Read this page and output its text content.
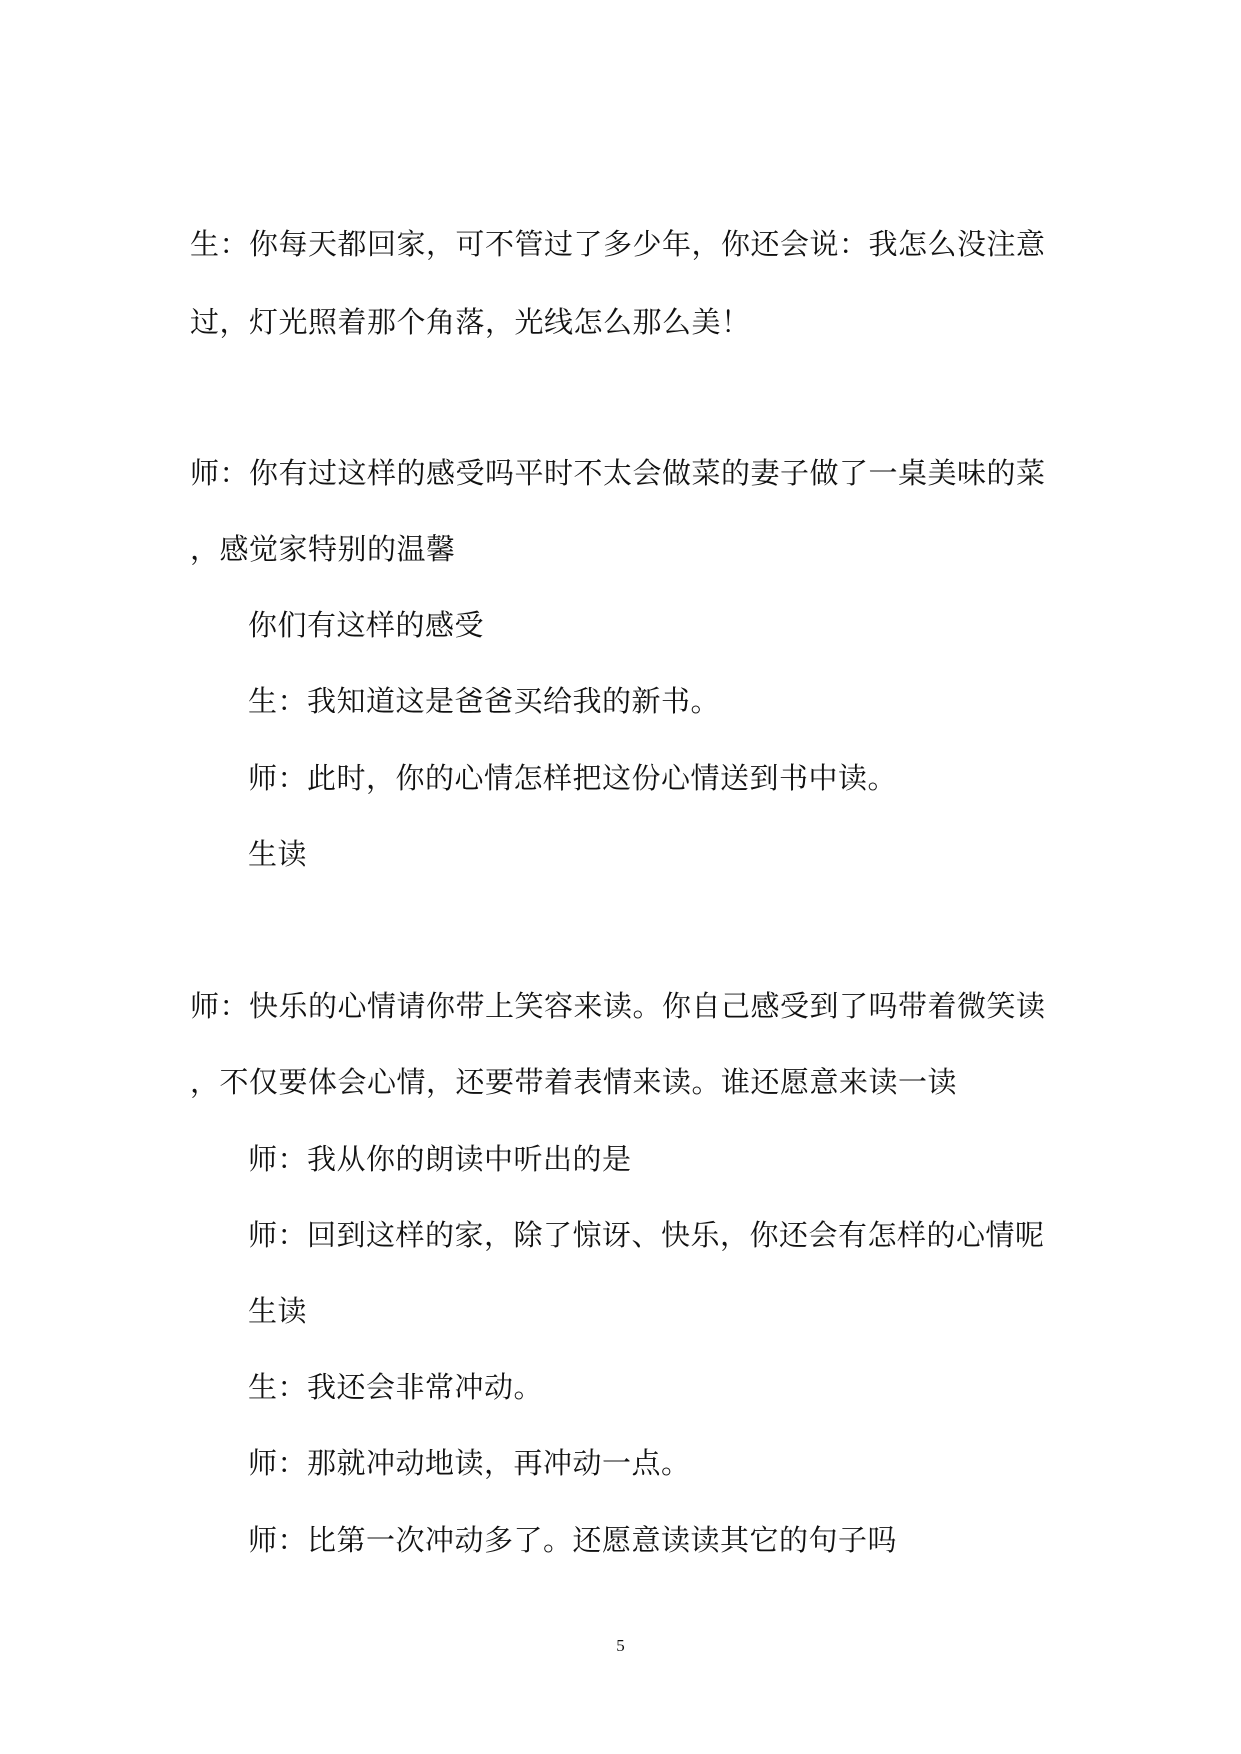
生：你每天都回家，可不管过了多少年，你还会说：我怎么没注意
过，灯光照着那个角落，光线怎么那么美！
师：你有过这样的感受吗平时不太会做菜的妻子做了一桌美味的菜
，感觉家特别的温馨
你们有这样的感受
生：我知道这是爸爸买给我的新书。
师：此时，你的心情怎样把这份心情送到书中读。
生读
师：快乐的心情请你带上笑容来读。你自己感受到了吗带着微笑读
，不仅要体会心情，还要带着表情来读。谁还愿意来读一读
师：我从你的朗读中听出的是
师：回到这样的家，除了惊讶、快乐，你还会有怎样的心情呢
生读
生：我还会非常冲动。
师：那就冲动地读，再冲动一点。
师：比第一次冲动多了。还愿意读读其它的句子吗
5
